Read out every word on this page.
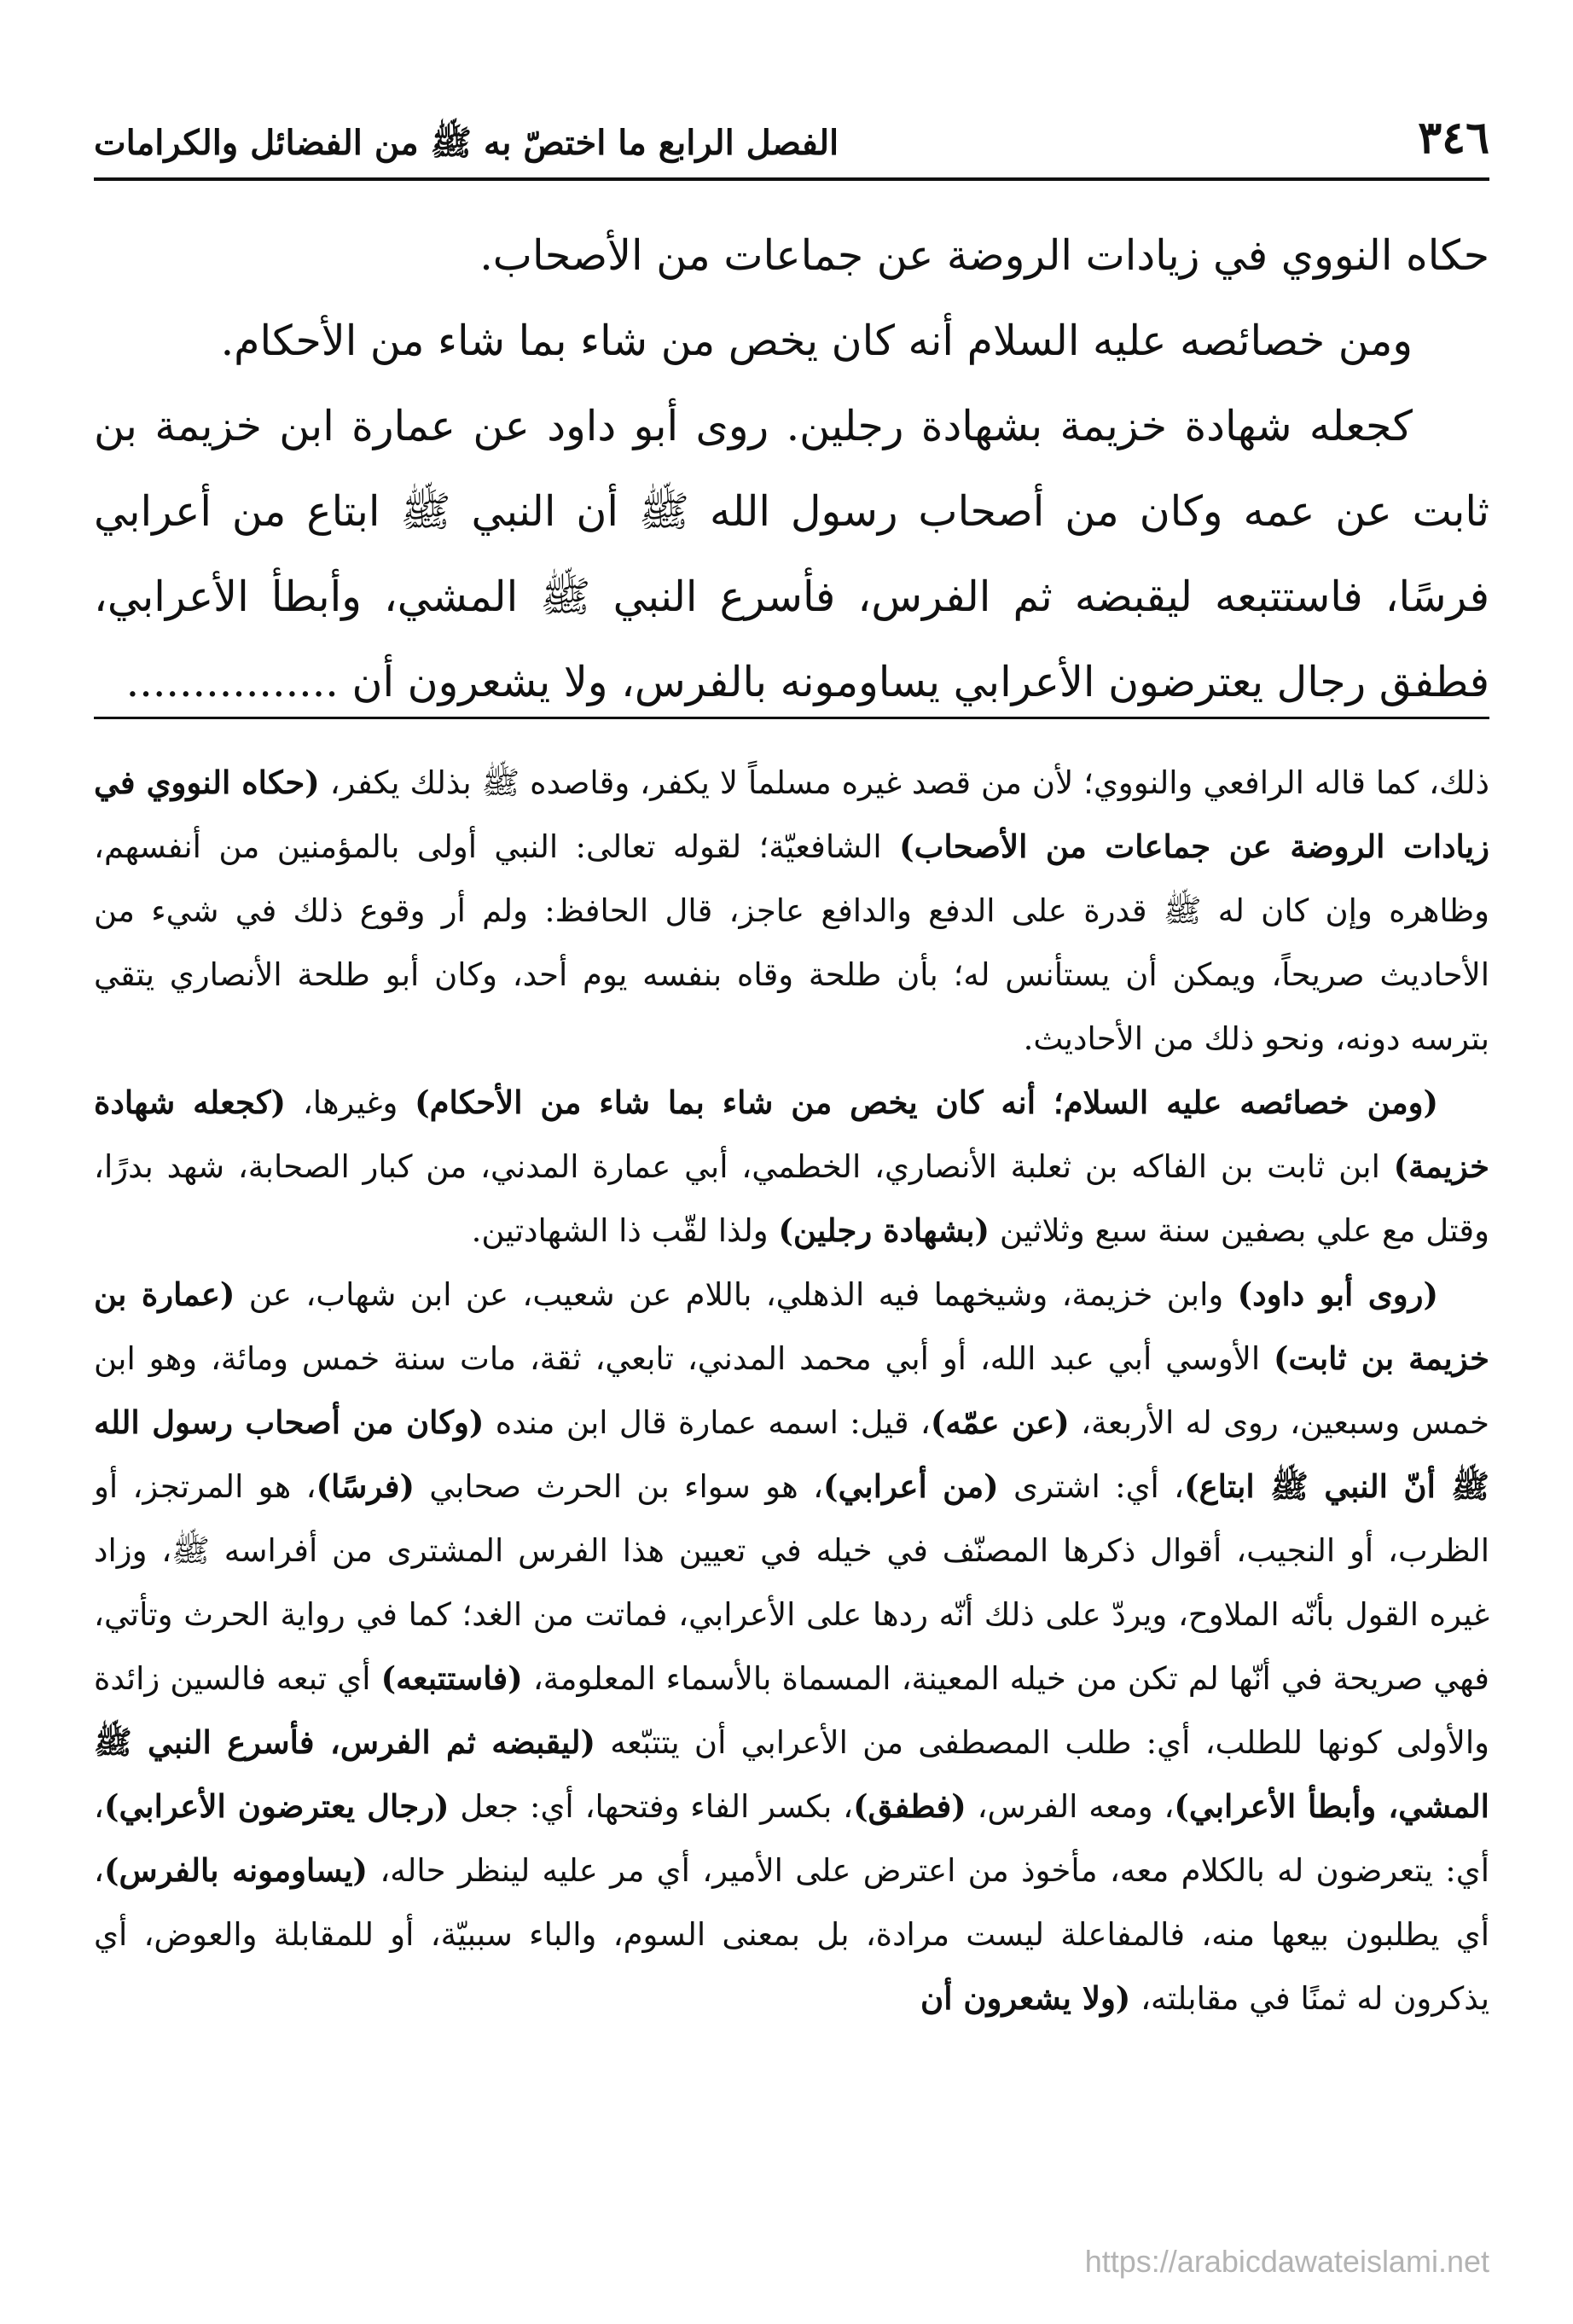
٣٤٦
الفصل الرابع ما اختصّ به ﷺ من الفضائل والكرامات

حكاه النووي في زيادات الروضة عن جماعات من الأصحاب.

ومن خصائصه عليه السلام أنه كان يخص من شاء بما شاء من الأحكام.

كجعله شهادة خزيمة بشهادة رجلين. روى أبو داود عن عمارة ابن خزيمة بن ثابت عن عمه وكان من أصحاب رسول الله ﷺ أن النبي ﷺ ابتاع من أعرابي فرسًا، فاستتبعه ليقبضه ثم الفرس، فأسرع النبي ﷺ المشي، وأبطأ الأعرابي، فطفق رجال يعترضون الأعرابي يساومونه بالفرس، ولا يشعرون أن ................

ذلك، كما قاله الرافعي والنووي؛ لأن من قصد غيره مسلماً لا يكفر، وقاصده ﷺ بذلك يكفر، (حكاه النووي في زيادات الروضة عن جماعات من الأصحاب) الشافعيّة؛ لقوله تعالى: النبي أولى بالمؤمنين من أنفسهم، وظاهره وإن كان له ﷺ قدرة على الدفع والدافع عاجز، قال الحافظ: ولم أر وقوع ذلك في شيء من الأحاديث صريحاً، ويمكن أن يستأنس له؛ بأن طلحة وقاه بنفسه يوم أحد، وكان أبو طلحة الأنصاري يتقي بترسه دونه، ونحو ذلك من الأحاديث.

(ومن خصائصه عليه السلام؛ أنه كان يخص من شاء بما شاء من الأحكام) وغيرها، (كجعله شهادة خزيمة) ابن ثابت بن الفاكه بن ثعلبة الأنصاري، الخطمي، أبي عمارة المدني، من كبار الصحابة، شهد بدرًا، وقتل مع علي بصفين سنة سبع وثلاثين (بشهادة رجلين) ولذا لقّب ذا الشهادتين.

(روى أبو داود) وابن خزيمة، وشيخهما فيه الذهلي، باللام عن شعيب، عن ابن شهاب، عن (عمارة بن خزيمة بن ثابت) الأوسي أبي عبد الله، أو أبي محمد المدني، تابعي، ثقة، مات سنة خمس ومائة، وهو ابن خمس وسبعين، روى له الأربعة، (عن عمّه)، قيل: اسمه عمارة قال ابن منده (وكان من أصحاب رسول الله ﷺ أنّ النبي ﷺ ابتاع)، أي: اشترى (من أعرابي)، هو سواء بن الحرث صحابي (فرسًا)، هو المرتجز، أو الظرب، أو النجيب، أقوال ذكرها المصنّف في خيله في تعيين هذا الفرس المشترى من أفراسه ﷺ، وزاد غيره القول بأنّه الملاوح، ويردّ على ذلك أنّه ردها على الأعرابي، فماتت من الغد؛ كما في رواية الحرث وتأتي، فهي صريحة في أنّها لم تكن من خيله المعينة، المسماة بالأسماء المعلومة، (فاستتبعه) أي تبعه فالسين زائدة والأولى كونها للطلب، أي: طلب المصطفى من الأعرابي أن يتتبّعه (ليقبضه ثم الفرس، فأسرع النبي ﷺ المشي، وأبطأ الأعرابي)، ومعه الفرس، (فطفق)، بكسر الفاء وفتحها، أي: جعل (رجال يعترضون الأعرابي)، أي: يتعرضون له بالكلام معه، مأخوذ من اعترض على الأمير، أي مر عليه لينظر حاله، (يساومونه بالفرس)، أي يطلبون بيعها منه، فالمفاعلة ليست مرادة، بل بمعنى السوم، والباء سببيّة، أو للمقابلة والعوض، أي يذكرون له ثمنًا في مقابلته، (ولا يشعرون أن

https://arabicdawateislami.net
